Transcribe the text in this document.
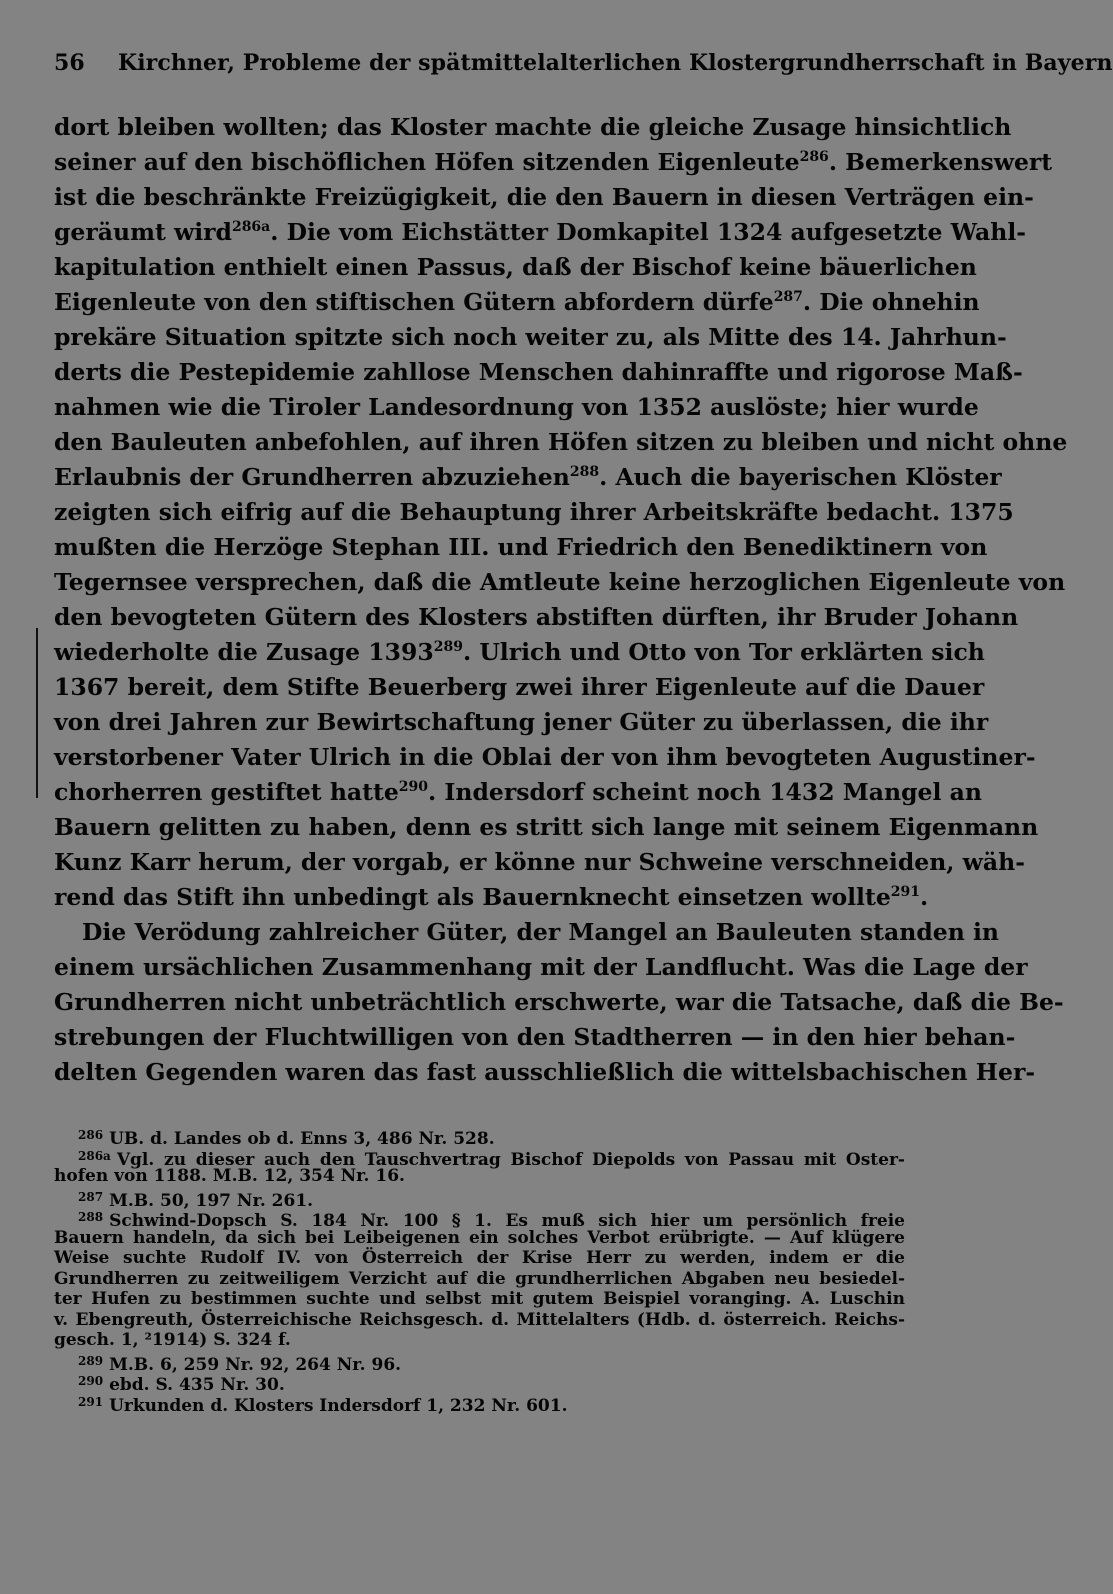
56 Kirchner, Probleme der spätmittelalterlichen Klostergrundherrschaft in Bayern
dort bleiben wollten; das Kloster machte die gleiche Zusage hinsichtlich
seiner auf den bischöflichen Höfen sitzenden Eigenleute$^{286}$. Bemerkenswert
ist die beschränkte Freizügigkeit, die den Bauern in diesen Verträgen ein-
geräumt wird$^{286a}$. Die vom Eichstätter Domkapitel 1324 aufgesetzte Wahl-
kapitulation enthielt einen Passus, daß der Bischof keine bäuerlichen
Eigenleute von den stiftischen Gütern abfordern dürfe$^{287}$. Die ohnehin
prekäre Situation spitzte sich noch weiter zu, als Mitte des 14. Jahrhun-
derts die Pestepidemie zahllose Menschen dahinraffte und rigorose Maß-
nahmen wie die Tiroler Landesordnung von 1352 auslöste; hier wurde
den Bauleuten anbefohlen, auf ihren Höfen sitzen zu bleiben und nicht ohne
Erlaubnis der Grundherren abzuziehen$^{288}$. Auch die bayerischen Klöster
zeigten sich eifrig auf die Behauptung ihrer Arbeitskräfte bedacht. 1375
mußten die Herzöge Stephan III. und Friedrich den Benediktinern von
Tegernsee versprechen, daß die Amtleute keine herzoglichen Eigenleute von
den bevogteten Gütern des Klosters abstiften dürften, ihr Bruder Johann
wiederholte die Zusage 1393$^{289}$. Ulrich und Otto von Tor erklärten sich
1367 bereit, dem Stifte Beuerberg zwei ihrer Eigenleute auf die Dauer
von drei Jahren zur Bewirtschaftung jener Güter zu überlassen, die ihr
verstorbener Vater Ulrich in die Oblai der von ihm bevogteten Augustiner-
chorherren gestiftet hatte$^{290}$. Indersdorf scheint noch 1432 Mangel an
Bauern gelitten zu haben, denn es stritt sich lange mit seinem Eigenmann
Kunz Karr herum, der vorgab, er könne nur Schweine verschneiden, wäh-
rend das Stift ihn unbedingt als Bauernknecht einsetzen wollte$^{291}$.
Die Verödung zahlreicher Güter, der Mangel an Bauleuten standen in
einem ursächlichen Zusammenhang mit der Landflucht. Was die Lage der
Grundherren nicht unbeträchtlich erschwerte, war die Tatsache, daß die Be-
strebungen der Fluchtwilligen von den Stadtherren — in den hier behan-
delten Gegenden waren das fast ausschließlich die wittelsbachischen Her-
$^{286}$ UB. d. Landes ob d. Enns 3, 486 Nr. 528.
$^{286a}$ Vgl. zu dieser auch den Tauschvertrag Bischof Diepolds von Passau mit Oster-
hofen von 1188. M.B. 12, 354 Nr. 16.
$^{287}$ M.B. 50, 197 Nr. 261.
$^{288}$ Schwind-Dopsch S. 184 Nr. 100 § 1. Es muß sich hier um persönlich freie
Bauern handeln, da sich bei Leibeigenen ein solches Verbot erübrigte. — Auf klügere
Weise suchte Rudolf IV. von Österreich der Krise Herr zu werden, indem er die
Grundherren zu zeitweiligem Verzicht auf die grundherrlichen Abgaben neu besiedel-
ter Hufen zu bestimmen suchte und selbst mit gutem Beispiel voranging. A. Luschin
v. Ebengreuth, Österreichische Reichsgesch. d. Mittelalters (Hdb. d. österreich. Reichs-
gesch. 1, ²1914) S. 324 f.
$^{289}$ M.B. 6, 259 Nr. 92, 264 Nr. 96.
$^{290}$ ebd. S. 435 Nr. 30.
$^{291}$ Urkunden d. Klosters Indersdorf 1, 232 Nr. 601.
